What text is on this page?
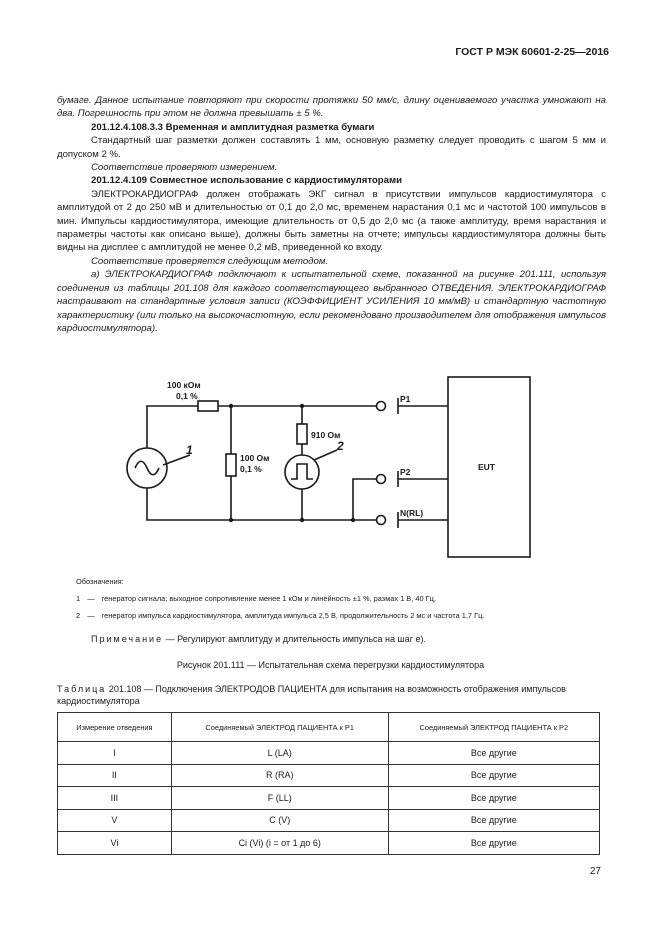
ГОСТ Р МЭК 60601-2-25—2016

бумаге. Данное испытание повторяют при скорости протяжки 50 мм/с, длину оцениваемого участка умножают на два. Погрешность при этом не должна превышать ± 5 %.

201.12.4.108.3.3 Временная и амплитудная разметка бумаги

Стандартный шаг разметки должен составлять 1 мм, основную разметку следует проводить с шагом 5 мм и допуском 2 %.

Соответствие проверяют измерением.

201.12.4.109 Совместное использование с кардиостимуляторами

ЭЛЕКТРОКАРДИОГРАФ должен отображать ЭКГ сигнал в присутствии импульсов кардиостимулятора с амплитудой от 2 до 250 мВ и длительностью от 0,1 до 2,0 мс, временем нарастания 0,1 мс и частотой 100 импульсов в мин. Импульсы кардиостимулятора, имеющие длительность от 0,5 до 2,0 мс (а также амплитуду, время нарастания и параметры частоты как описано выше), должны быть заметны на отчете; импульсы кардиостимулятора должны быть видны на дисплее с амплитудой не менее 0,2 мВ, приведенной ко входу.

Соответствие проверяется следующим методом.

а) ЭЛЕКТРОКАРДИОГРАФ подключают к испытательной схеме, показанной на рисунке 201.111, используя соединения из таблицы 201.108 для каждого соответствующего выбранного ОТВЕДЕНИЯ. ЭЛЕКТРОКАРДИОГРАФ настраивают на стандартные условия записи (КОЭФФИЦИЕНТ УСИЛЕНИЯ 10 мм/мВ) и стандартную частотную характеристику (или только на высокочастотную, если рекомендовано производителем для отображения импульсов кардиостимулятора).

100 кОм
0,1 %
100 Ом
0,1 %
910 Ом
P1
P2
N(RL)
EUT
1	2
Обозначения:
1 — генератор сигнала; выходное сопротивление менее 1 кОм и линейность ±1 %, размах 1 В, 40 Гц,
2 — генератор импульса кардиостимулятора, амплитуда импульса 2,5 В, продолжительность 2 мс и частота 1,7 Гц.
Примечание — Регулируют амплитуду и длительность импульса на шаг е).
Рисунок 201.111 — Испытательная схема перегрузки кардиостимулятора
Таблица 201.108 — Подключения ЭЛЕКТРОДОВ ПАЦИЕНТА для испытания на возможность отображения импульсов кардиостимулятора
Измерение отведения	Соединяемый ЭЛЕКТРОД ПАЦИЕНТА к P1	Соединяемый ЭЛЕКТРОД ПАЦИЕНТА к P2
I	L (LA)	Все другие
II	R (RA)	Все другие
III	F (LL)	Все другие
V	C (V)	Все другие
Vi	Ci (Vi) (i = от 1 до 6)	Все другие
27
